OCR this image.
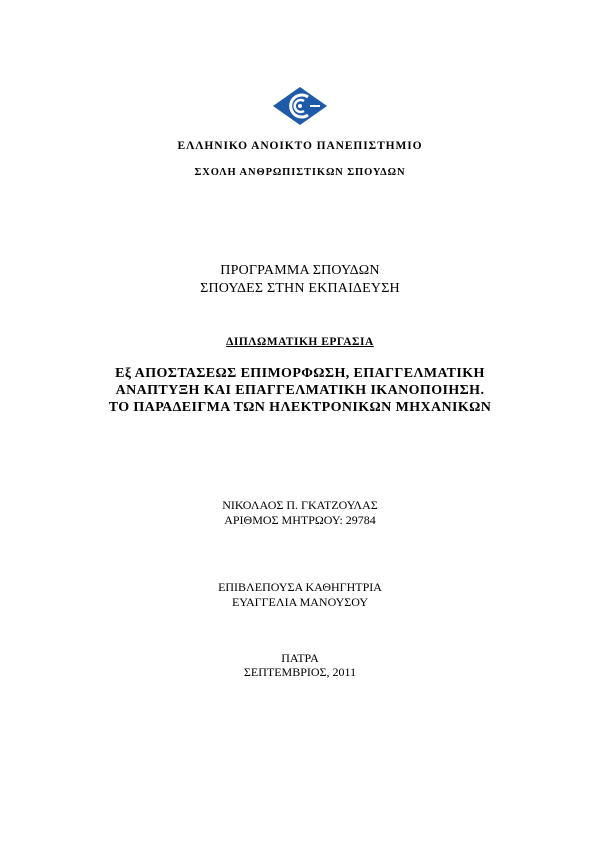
ΕΛΛΗΝΙΚΟ ΑΝΟΙΚΤΟ ΠΑΝΕΠΙΣΤΗΜΙΟ
ΣΧΟΛΗ ΑΝΘΡΩΠΙΣΤΙΚΩΝ ΣΠΟΥΔΩΝ
ΠΡΟΓΡΑΜΜΑ ΣΠΟΥΔΩΝ
ΣΠΟΥΔΕΣ ΣΤΗΝ ΕΚΠΑΙΔΕΥΣΗ
ΔΙΠΛΩΜΑΤΙΚΗ ΕΡΓΑΣΙΑ
Εξ ΑΠΟΣΤΑΣΕΩΣ ΕΠΙΜΟΡΦΩΣΗ, ΕΠΑΓΓΕΛΜΑΤΙΚΗ
ΑΝΑΠΤΥΞΗ ΚΑΙ ΕΠΑΓΓΕΛΜΑΤΙΚΗ ΙΚΑΝΟΠΟΙΗΣΗ.
ΤΟ ΠΑΡΑΔΕΙΓΜΑ ΤΩΝ ΗΛΕΚΤΡΟΝΙΚΩΝ ΜΗΧΑΝΙΚΩΝ
ΝΙΚΟΛΑΟΣ Π. ΓΚΑΤΖΟΥΛΑΣ
ΑΡΙΘΜΟΣ ΜΗΤΡΩΟΥ: 29784
ΕΠΙΒΛΕΠΟΥΣΑ ΚΑΘΗΓΗΤΡΙΑ
ΕΥΑΓΓΕΛΙΑ ΜΑΝΟΥΣΟΥ
ΠΑΤΡΑ
ΣΕΠΤΕΜΒΡΙΟΣ, 2011
